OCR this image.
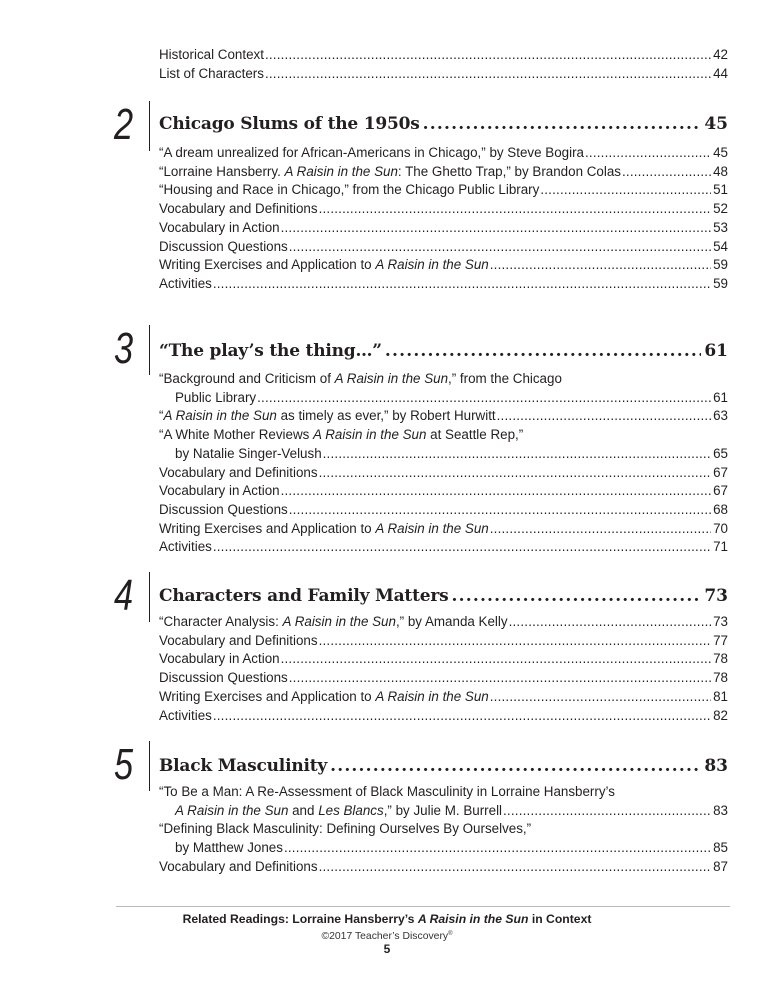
Historical Context .....	42
List of Characters .....	44
2 Chicago Slums of the 1950s .....	45
“A dream unrealized for African-Americans in Chicago,” by Steve Bogira .....	45
“Lorraine Hansberry. A Raisin in the Sun: The Ghetto Trap,” by Brandon Colas .....	48
“Housing and Race in Chicago,” from the Chicago Public Library .....	51
Vocabulary and Definitions .....	52
Vocabulary in Action .....	53
Discussion Questions .....	54
Writing Exercises and Application to A Raisin in the Sun .....	59
Activities .....	59
3 “The play’s the thing…” .....	61
“Background and Criticism of A Raisin in the Sun,” from the Chicago
Public Library .....	61
“A Raisin in the Sun as timely as ever,” by Robert Hurwitt .....	63
“A White Mother Reviews A Raisin in the Sun at Seattle Rep,”
by Natalie Singer-Velush .....	65
Vocabulary and Definitions .....	67
Vocabulary in Action .....	67
Discussion Questions .....	68
Writing Exercises and Application to A Raisin in the Sun .....	70
Activities .....	71
4 Characters and Family Matters .....	73
“Character Analysis: A Raisin in the Sun,” by Amanda Kelly .....	73
Vocabulary and Definitions .....	77
Vocabulary in Action .....	78
Discussion Questions .....	78
Writing Exercises and Application to A Raisin in the Sun .....	81
Activities .....	82
5 Black Masculinity .....	83
“To Be a Man: A Re-Assessment of Black Masculinity in Lorraine Hansberry’s
A Raisin in the Sun and Les Blancs,” by Julie M. Burrell .....	83
“Defining Black Masculinity: Defining Ourselves By Ourselves,”
by Matthew Jones .....	85
Vocabulary and Definitions .....	87
Related Readings: Lorraine Hansberry’s A Raisin in the Sun in Context
©2017 Teacher’s Discovery®
5
